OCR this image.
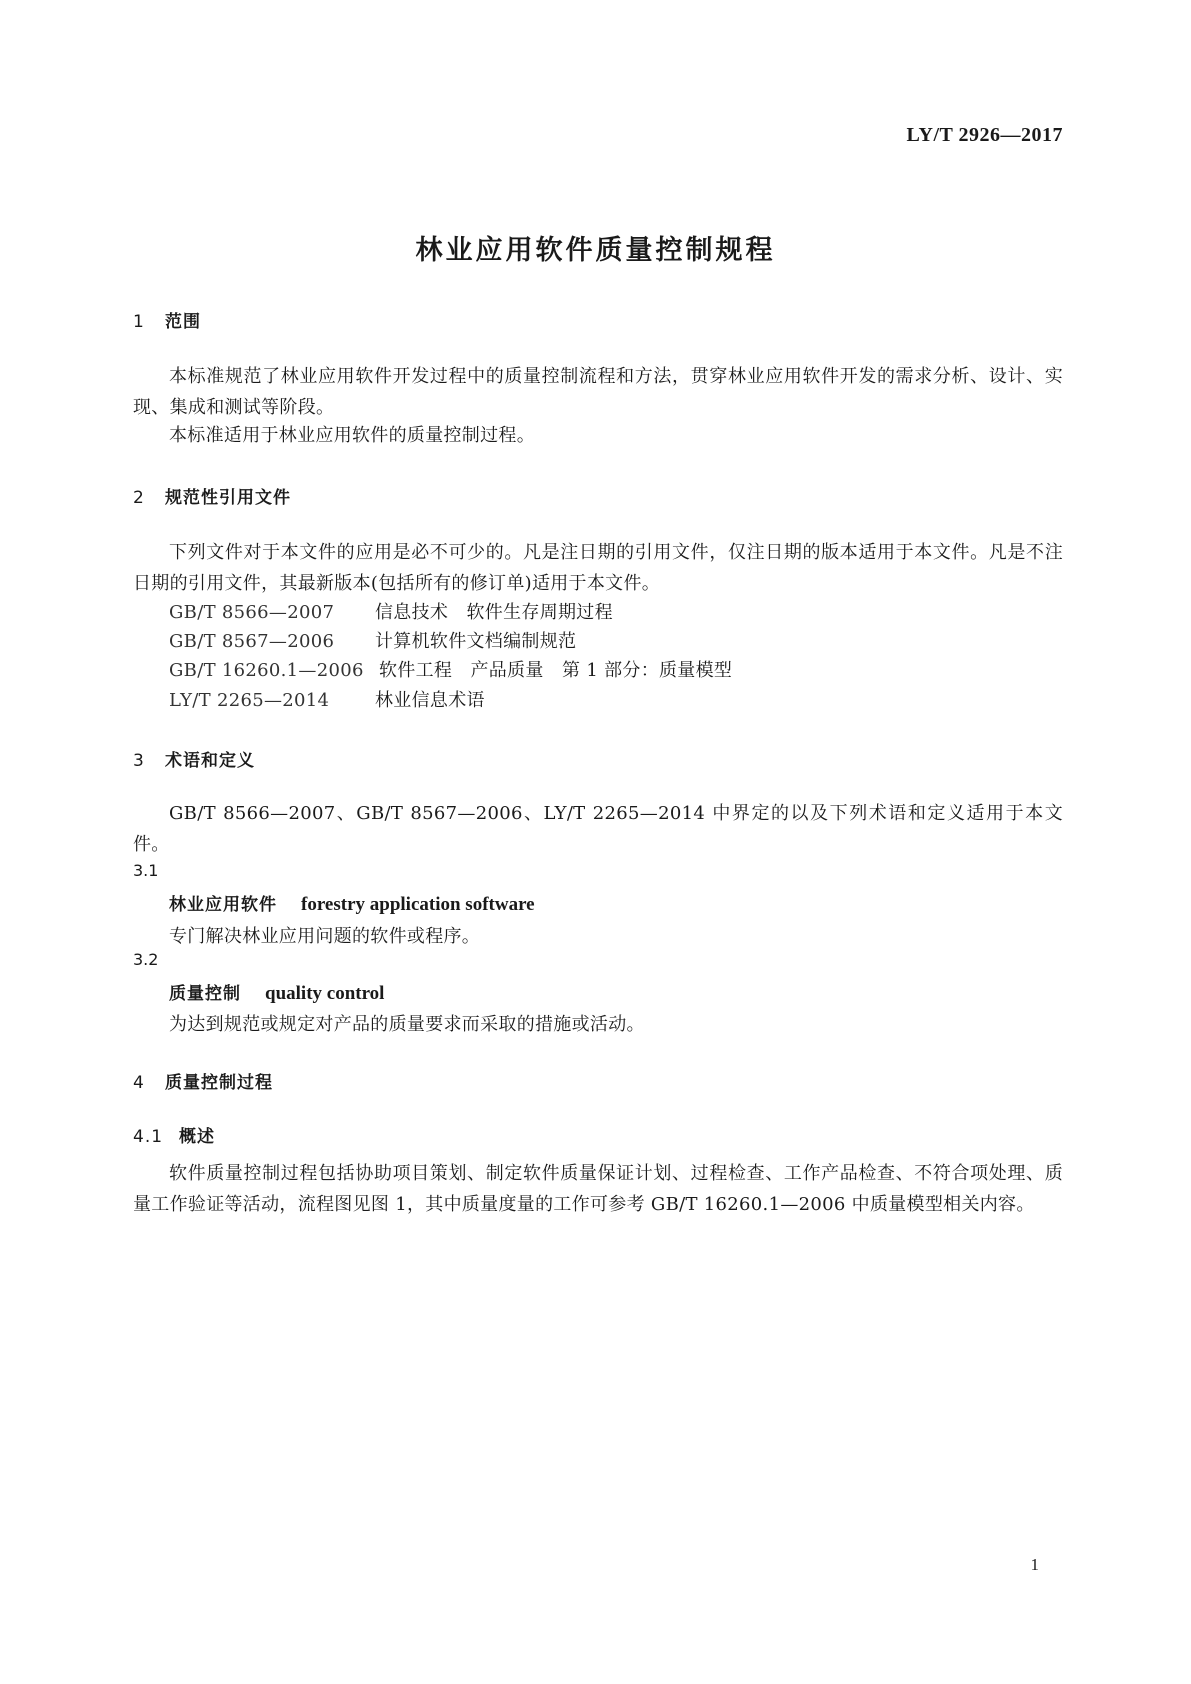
LY/T 2926—2017
林业应用软件质量控制规程
1 范围
本标准规范了林业应用软件开发过程中的质量控制流程和方法，贯穿林业应用软件开发的需求分析、设计、实现、集成和测试等阶段。
本标准适用于林业应用软件的质量控制过程。
2 规范性引用文件
下列文件对于本文件的应用是必不可少的。凡是注日期的引用文件，仅注日期的版本适用于本文件。凡是不注日期的引用文件，其最新版本(包括所有的修订单)适用于本文件。
GB/T 8566—2007 信息技术　软件生存周期过程
GB/T 8567—2006 计算机软件文档编制规范
GB/T 16260.1—2006 软件工程　产品质量　第 1 部分：质量模型
LY/T 2265—2014	林业信息术语
3 术语和定义
GB/T 8566—2007、GB/T 8567—2006、LY/T 2265—2014 中界定的以及下列术语和定义适用于本文件。
3.1
林业应用软件 forestry application software
专门解决林业应用问题的软件或程序。
3.2
质量控制 quality control
为达到规范或规定对产品的质量要求而采取的措施或活动。
4 质量控制过程
4.1 概述
软件质量控制过程包括协助项目策划、制定软件质量保证计划、过程检查、工作产品检查、不符合项处理、质量工作验证等活动，流程图见图 1，其中质量度量的工作可参考 GB/T 16260.1—2006 中质量模型相关内容。
1
